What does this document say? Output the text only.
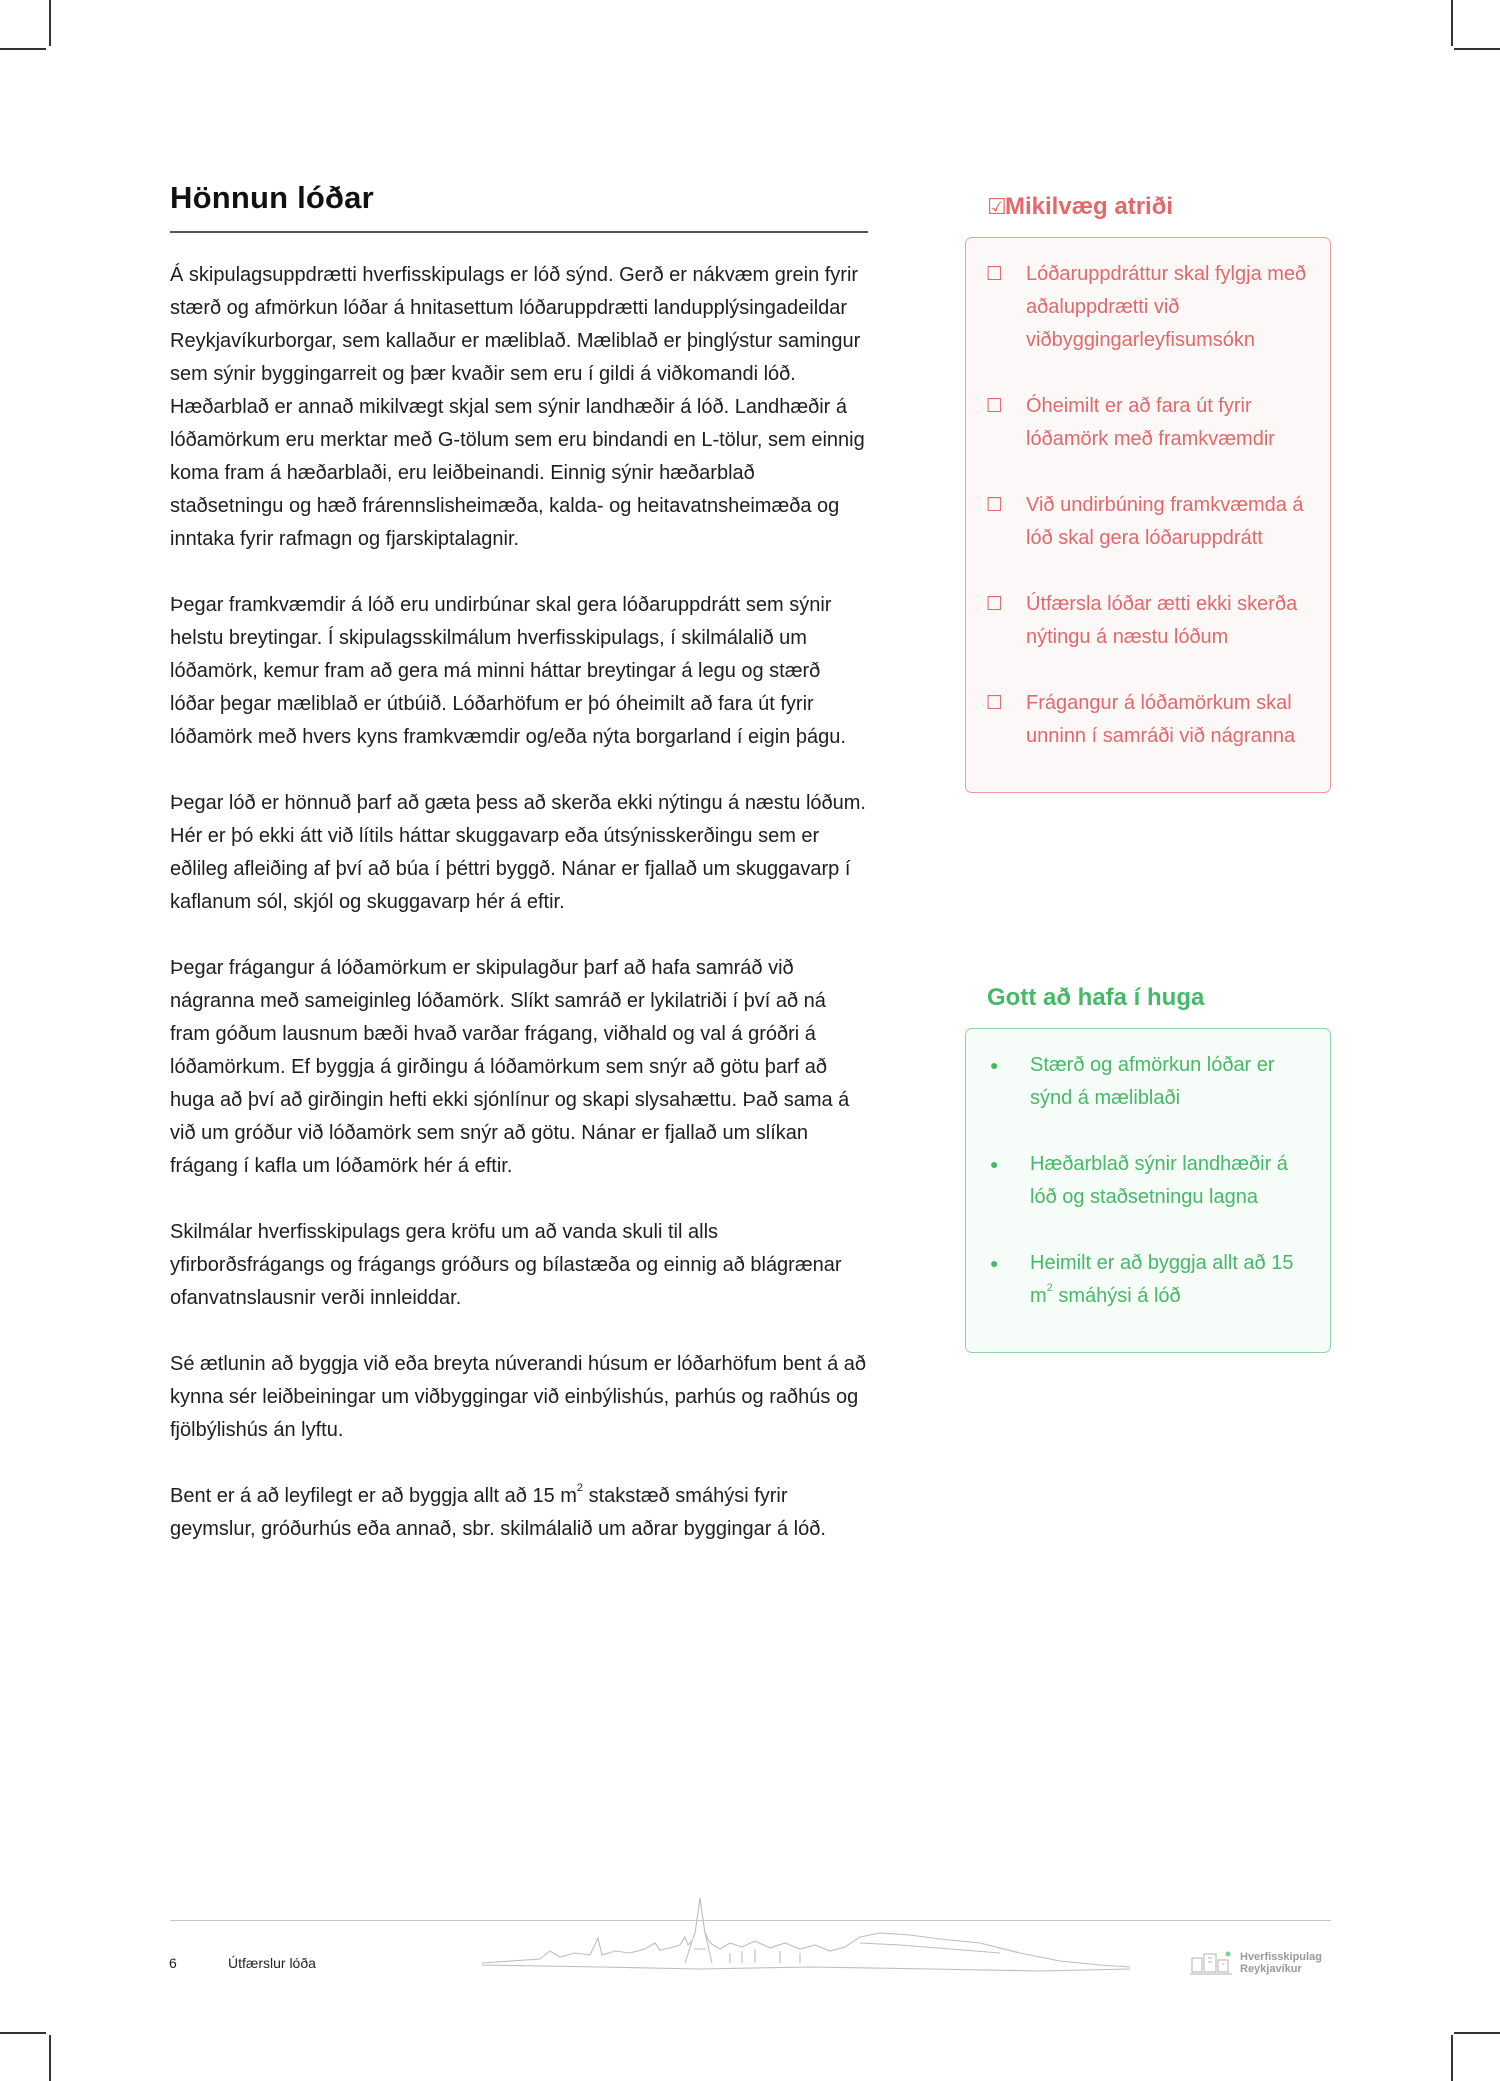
Hönnun lóðar

Á skipulagsuppdrætti hverfisskipulags er lóð sýnd. Gerð er nákvæm grein fyrir stærð og afmörkun lóðar á hnitasettum lóðaruppdrætti landupplýsingadeildar Reykjavíkurborgar, sem kallaður er mæliblað. Mæliblað er þinglýstur samingur sem sýnir byggingarreit og þær kvaðir sem eru í gildi á viðkomandi lóð. Hæðarblað er annað mikilvægt skjal sem sýnir landhæðir á lóð. Landhæðir á lóðamörkum eru merktar með G-tölum sem eru bindandi en L-tölur, sem einnig koma fram á hæðarblaði, eru leiðbeinandi. Einnig sýnir hæðarblað staðsetningu og hæð frárennslisheimæða, kalda- og heitavatnsheimæða og inntaka fyrir rafmagn og fjarskiptalagnir.

Þegar framkvæmdir á lóð eru undirbúnar skal gera lóðaruppdrátt sem sýnir helstu breytingar. Í skipulagsskilmálum hverfisskipulags, í skilmálalið um lóðamörk, kemur fram að gera má minni háttar breytingar á legu og stærð lóðar þegar mæliblað er útbúið. Lóðarhöfum er þó óheimilt að fara út fyrir lóðamörk með hvers kyns framkvæmdir og/eða nýta borgarland í eigin þágu.

Þegar lóð er hönnuð þarf að gæta þess að skerða ekki nýtingu á næstu lóðum. Hér er þó ekki átt við lítils háttar skuggavarp eða útsýnisskerðingu sem er eðlileg afleiðing af því að búa í þéttri byggð. Nánar er fjallað um skuggavarp í kaflanum sól, skjól og skuggavarp hér á eftir.

Þegar frágangur á lóðamörkum er skipulagður þarf að hafa samráð við nágranna með sameiginleg lóðamörk. Slíkt samráð er lykilatriði í því að ná fram góðum lausnum bæði hvað varðar frágang, viðhald og val á gróðri á lóðamörkum. Ef byggja á girðingu á lóðamörkum sem snýr að götu þarf að huga að því að girðingin hefti ekki sjónlínur og skapi slysahættu. Það sama á við um gróður við lóðamörk sem snýr að götu. Nánar er fjallað um slíkan frágang í kafla um lóðamörk hér á eftir.

Skilmálar hverfisskipulags gera kröfu um að vanda skuli til alls yfirborðsfrágangs og frágangs gróðurs og bílastæða og einnig að blágrænar ofanvatnslausnir verði innleiddar.

Sé ætlunin að byggja við eða breyta núverandi húsum er lóðarhöfum bent á að kynna sér leiðbeiningar um viðbyggingar við einbýlishús, parhús og raðhús og fjölbýlishús án lyftu.

Bent er á að leyfilegt er að byggja allt að 15 $m^2$ stakstæð smáhýsi fyrir geymslur, gróðurhús eða annað, sbr. skilmálalið um aðrar byggingar á lóð.

☑
Mikilvæg atriði
☐	Lóðaruppdráttur skal fylgja með aðaluppdrætti við viðbyggingarleyfisumsókn
☐	Óheimilt er að fara út fyrir lóðamörk með framkvæmdir
☐	Við undirbúning framkvæmda á lóð skal gera lóðaruppdrátt
☐	Útfærsla lóðar ætti ekki skerða nýtingu á næstu lóðum
☐	Frágangur á lóðamörkum skal unninn í samráði við nágranna
Gott að hafa í huga
●	Stærð og afmörkun lóðar er sýnd á mæliblaði
●	Hæðarblað sýnir landhæðir á lóð og staðsetningu lagna
●	Heimilt er að byggja allt að 15 $m^2$ smáhýsi á lóð
6	Útfærslur lóða	Hverfisskipulag
Reykjavíkur
